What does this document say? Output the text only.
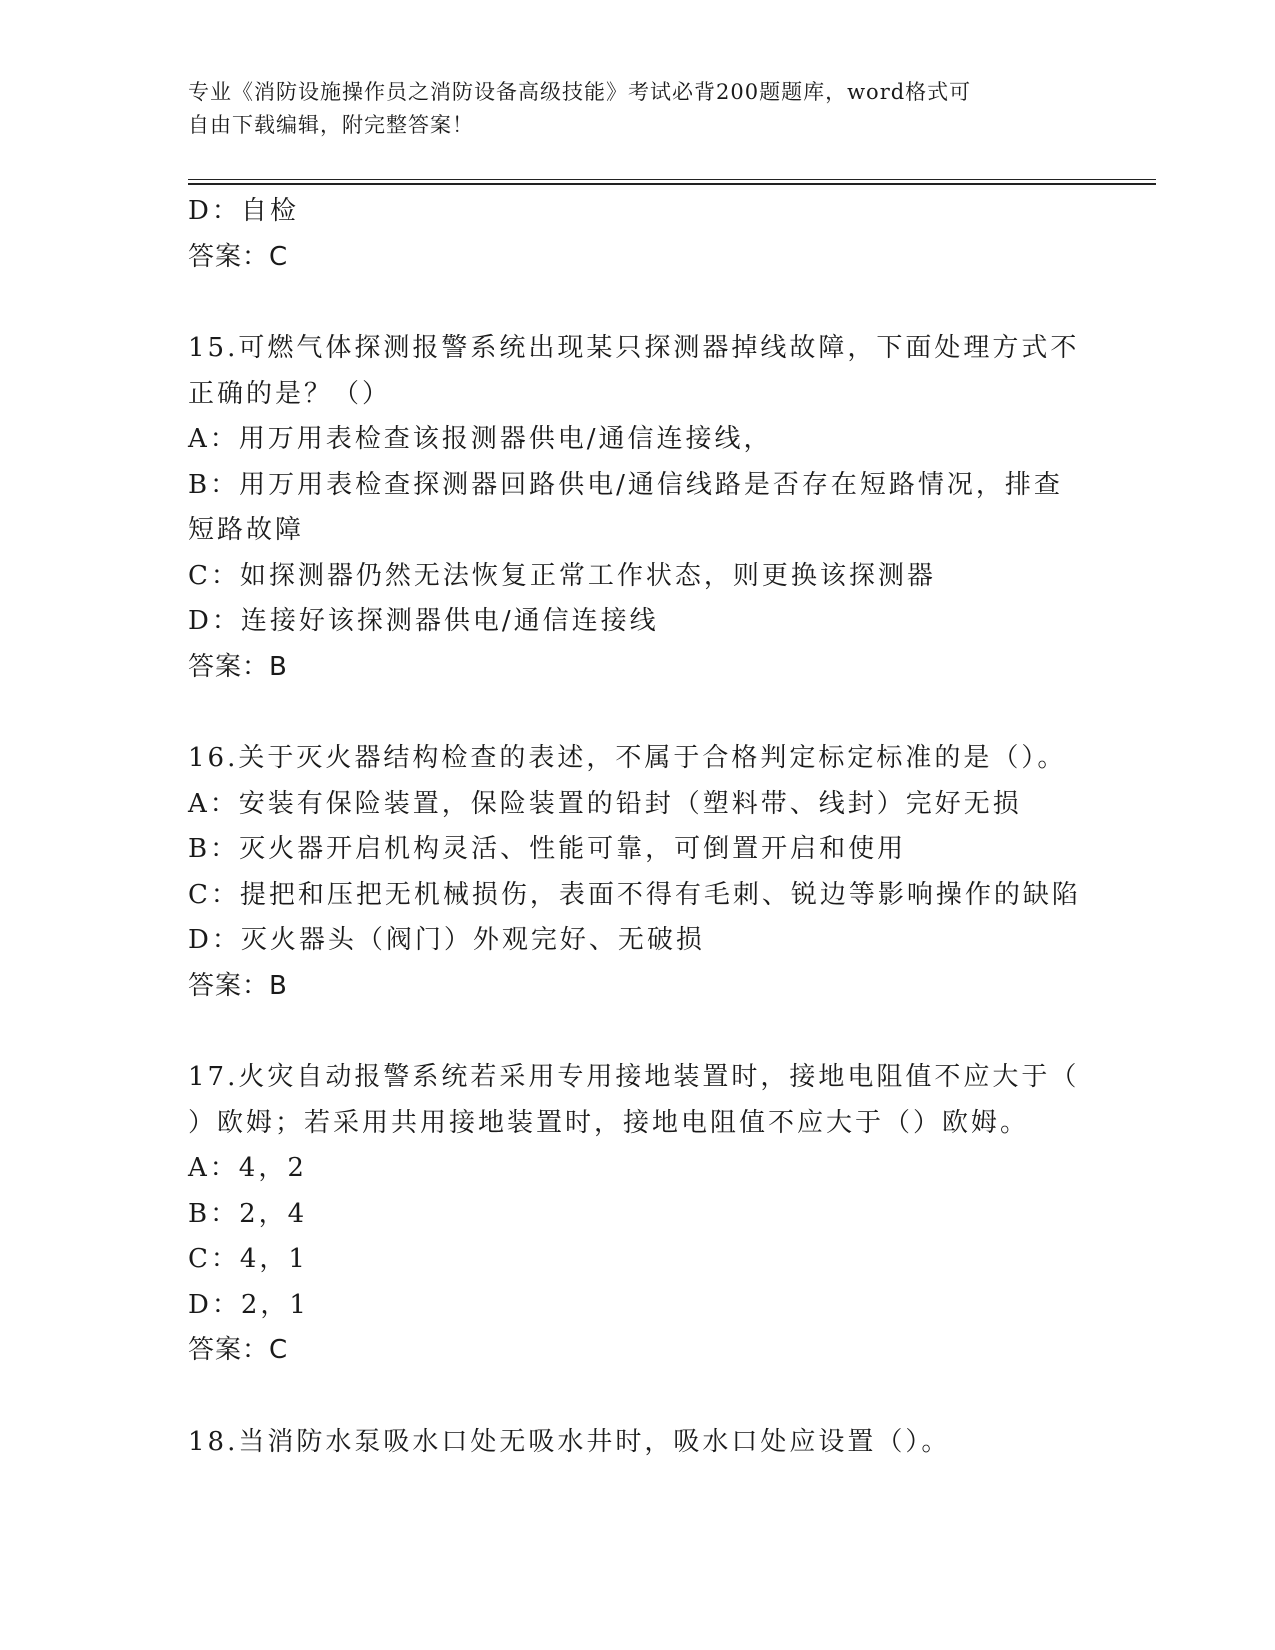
专业《消防设施操作员之消防设备高级技能》考试必背200题题库，word格式可
自由下载编辑，附完整答案！
D：自检
答案：C
15.可燃气体探测报警系统出现某只探测器掉线故障，下面处理方式不
正确的是？（）
A：用万用表检查该报测器供电/通信连接线，
B：用万用表检查探测器回路供电/通信线路是否存在短路情况，排查
短路故障
C：如探测器仍然无法恢复正常工作状态，则更换该探测器
D：连接好该探测器供电/通信连接线
答案：B
16.关于灭火器结构检查的表述，不属于合格判定标定标准的是（）。
A：安装有保险装置，保险装置的铅封（塑料带、线封）完好无损
B：灭火器开启机构灵活、性能可靠，可倒置开启和使用
C：提把和压把无机械损伤，表面不得有毛刺、锐边等影响操作的缺陷
D：灭火器头（阀门）外观完好、无破损
答案：B
17.火灾自动报警系统若采用专用接地装置时，接地电阻值不应大于（
）欧姆；若采用共用接地装置时，接地电阻值不应大于（）欧姆。
A：4，2
B：2，4
C：4，1
D：2，1
答案：C
18.当消防水泵吸水口处无吸水井时，吸水口处应设置（）。
